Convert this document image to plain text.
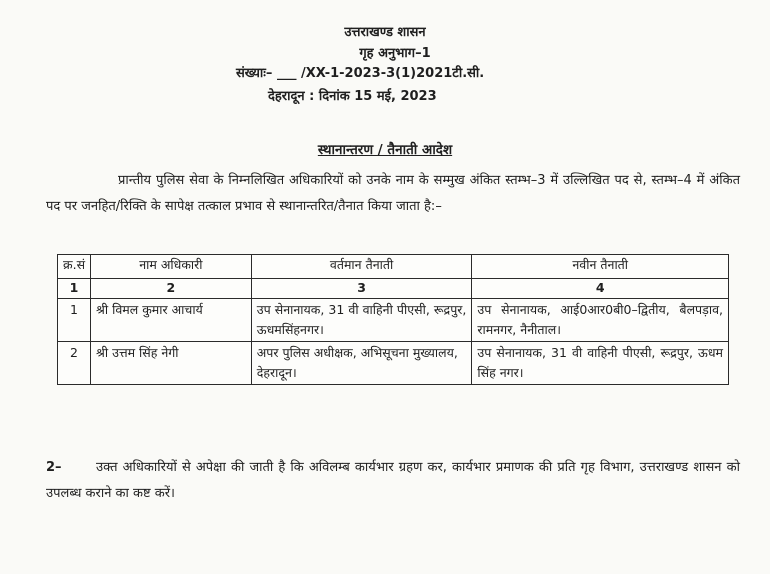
उत्तराखण्ड शासन
गृह अनुभाग–1
संख्याः– ___ /XX-1-2023-3(1)2021टी.सी.
देहरादून : दिनांक 15 मई, 2023
स्थानान्तरण / तैनाती आदेश
प्रान्तीय पुलिस सेवा के निम्नलिखित अधिकारियों को उनके नाम के सम्मुख अंकित स्तम्भ–3 में उल्लिखित पद से, स्तम्भ–4 में अंकित पद पर जनहित/रिक्ति के सापेक्ष तत्काल प्रभाव से स्थानान्तरित/तैनात किया जाता है:–
क्र.सं	नाम अधिकारी	वर्तमान तैनाती	नवीन तैनाती
1	2	3	4
1	श्री विमल कुमार आचार्य	उप सेनानायक, 31 वी वाहिनी पीएसी, रूद्रपुर, ऊधमसिंहनगर।	उप सेनानायक, आई0आर0बी0–द्वितीय, बैलपड़ाव, रामनगर, नैनीताल।
2	श्री उत्तम सिंह नेगी	अपर पुलिस अधीक्षक, अभिसूचना मुख्यालय, देहरादून।	उप सेनानायक, 31 वी वाहिनी पीएसी, रूद्रपुर, ऊधम सिंह नगर।
2–	उक्त अधिकारियों से अपेक्षा की जाती है कि अविलम्ब कार्यभार ग्रहण कर, कार्यभार प्रमाणक की प्रति गृह विभाग, उत्तराखण्ड शासन को उपलब्ध कराने का कष्ट करें।
